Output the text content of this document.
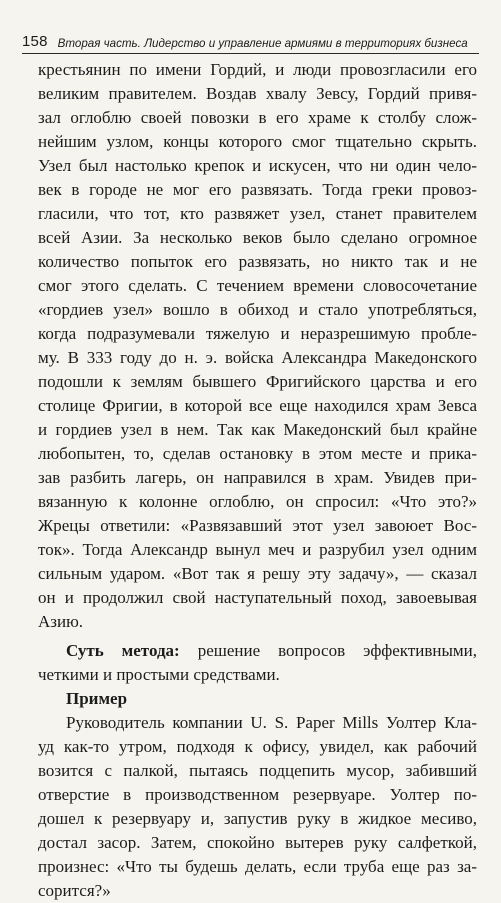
158 Вторая часть. Лидерство и управление армиями в территориях бизнеса
крестьянин по имени Гордий, и люди провозгласили его
великим правителем. Воздав хвалу Зевсу, Гордий привя-
зал оглоблю своей повозки в его храме к столбу слож-
нейшим узлом, концы которого смог тщательно скрыть.
Узел был настолько крепок и искусен, что ни один чело-
век в городе не мог его развязать. Тогда греки провоз-
гласили, что тот, кто развяжет узел, станет правителем
всей Азии. За несколько веков было сделано огромное
количество попыток его развязать, но никто так и не
смог этого сделать. С течением времени словосочетание
«гордиев узел» вошло в обиход и стало употребляться,
когда подразумевали тяжелую и неразрешимую пробле-
му. В 333 году до н. э. войска Александра Македонского
подошли к землям бывшего Фригийского царства и его
столице Фригии, в которой все еще находился храм Зевса
и гордиев узел в нем. Так как Македонский был крайне
любопытен, то, сделав остановку в этом месте и прика-
зав разбить лагерь, он направился в храм. Увидев при-
вязанную к колонне оглоблю, он спросил: «Что это?»
Жрецы ответили: «Развязавший этот узел завоюет Вос-
ток». Тогда Александр вынул меч и разрубил узел одним
сильным ударом. «Вот так я решу эту задачу», — сказал
он и продолжил свой наступательный поход, завоевывая
Азию.
Суть метода: решение вопросов эффективными,
четкими и простыми средствами.
Пример
Руководитель компании U. S. Paper Mills Уолтер Кла-
уд как-то утром, подходя к офису, увидел, как рабочий
возится с палкой, пытаясь подцепить мусор, забивший
отверстие в производственном резервуаре. Уолтер по-
дошел к резервуару и, запустив руку в жидкое месиво,
достал засор. Затем, спокойно вытерев руку салфеткой,
произнес: «Что ты будешь делать, если труба еще раз за-
сорится?»
